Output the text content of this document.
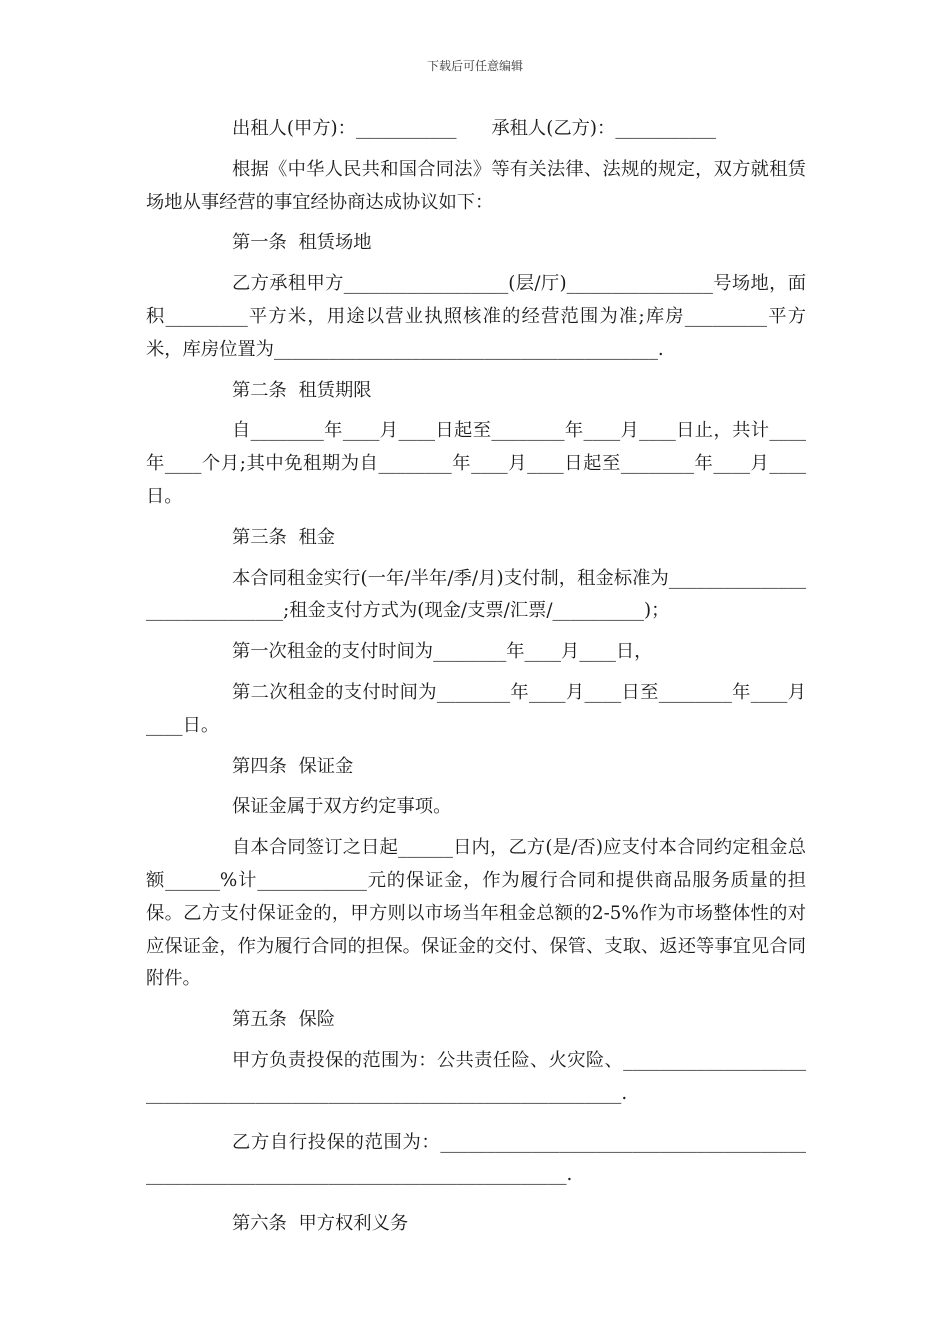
下载后可任意编辑

出租人(甲方)：___________      承租人(乙方)：___________

根据《中华人民共和国合同法》等有关法律、法规的规定，双方就租赁场地从事经营的事宜经协商达成协议如下：

第一条  租赁场地

乙方承租甲方__________________(层/厅)________________号场地，面积_________平方米，用途以营业执照核准的经营范围为准;库房_________平方米，库房位置为__________________________________________.

第二条  租赁期限

自________年____月____日起至________年____月____日止，共计____年____个月;其中免租期为自________年____月____日起至________年____月____日。

第三条  租金

本合同租金实行(一年/半年/季/月)支付制，租金标准为______________________________;租金支付方式为(现金/支票/汇票/__________)；

第一次租金的支付时间为________年____月____日，

第二次租金的支付时间为________年____月____日至________年____月____日。

第四条  保证金

保证金属于双方约定事项。

自本合同签订之日起______日内，乙方(是/否)应支付本合同约定租金总额______%计____________元的保证金，作为履行合同和提供商品服务质量的担保。乙方支付保证金的，甲方则以市场当年租金总额的2-5%作为市场整体性的对应保证金，作为履行合同的担保。保证金的交付、保管、支取、返还等事宜见合同附件。

第五条  保险

甲方负责投保的范围为：公共责任险、火灾险、________________________________________________________________________.

乙方自行投保的范围为：______________________________________________________________________________________.

第六条  甲方权利义务
